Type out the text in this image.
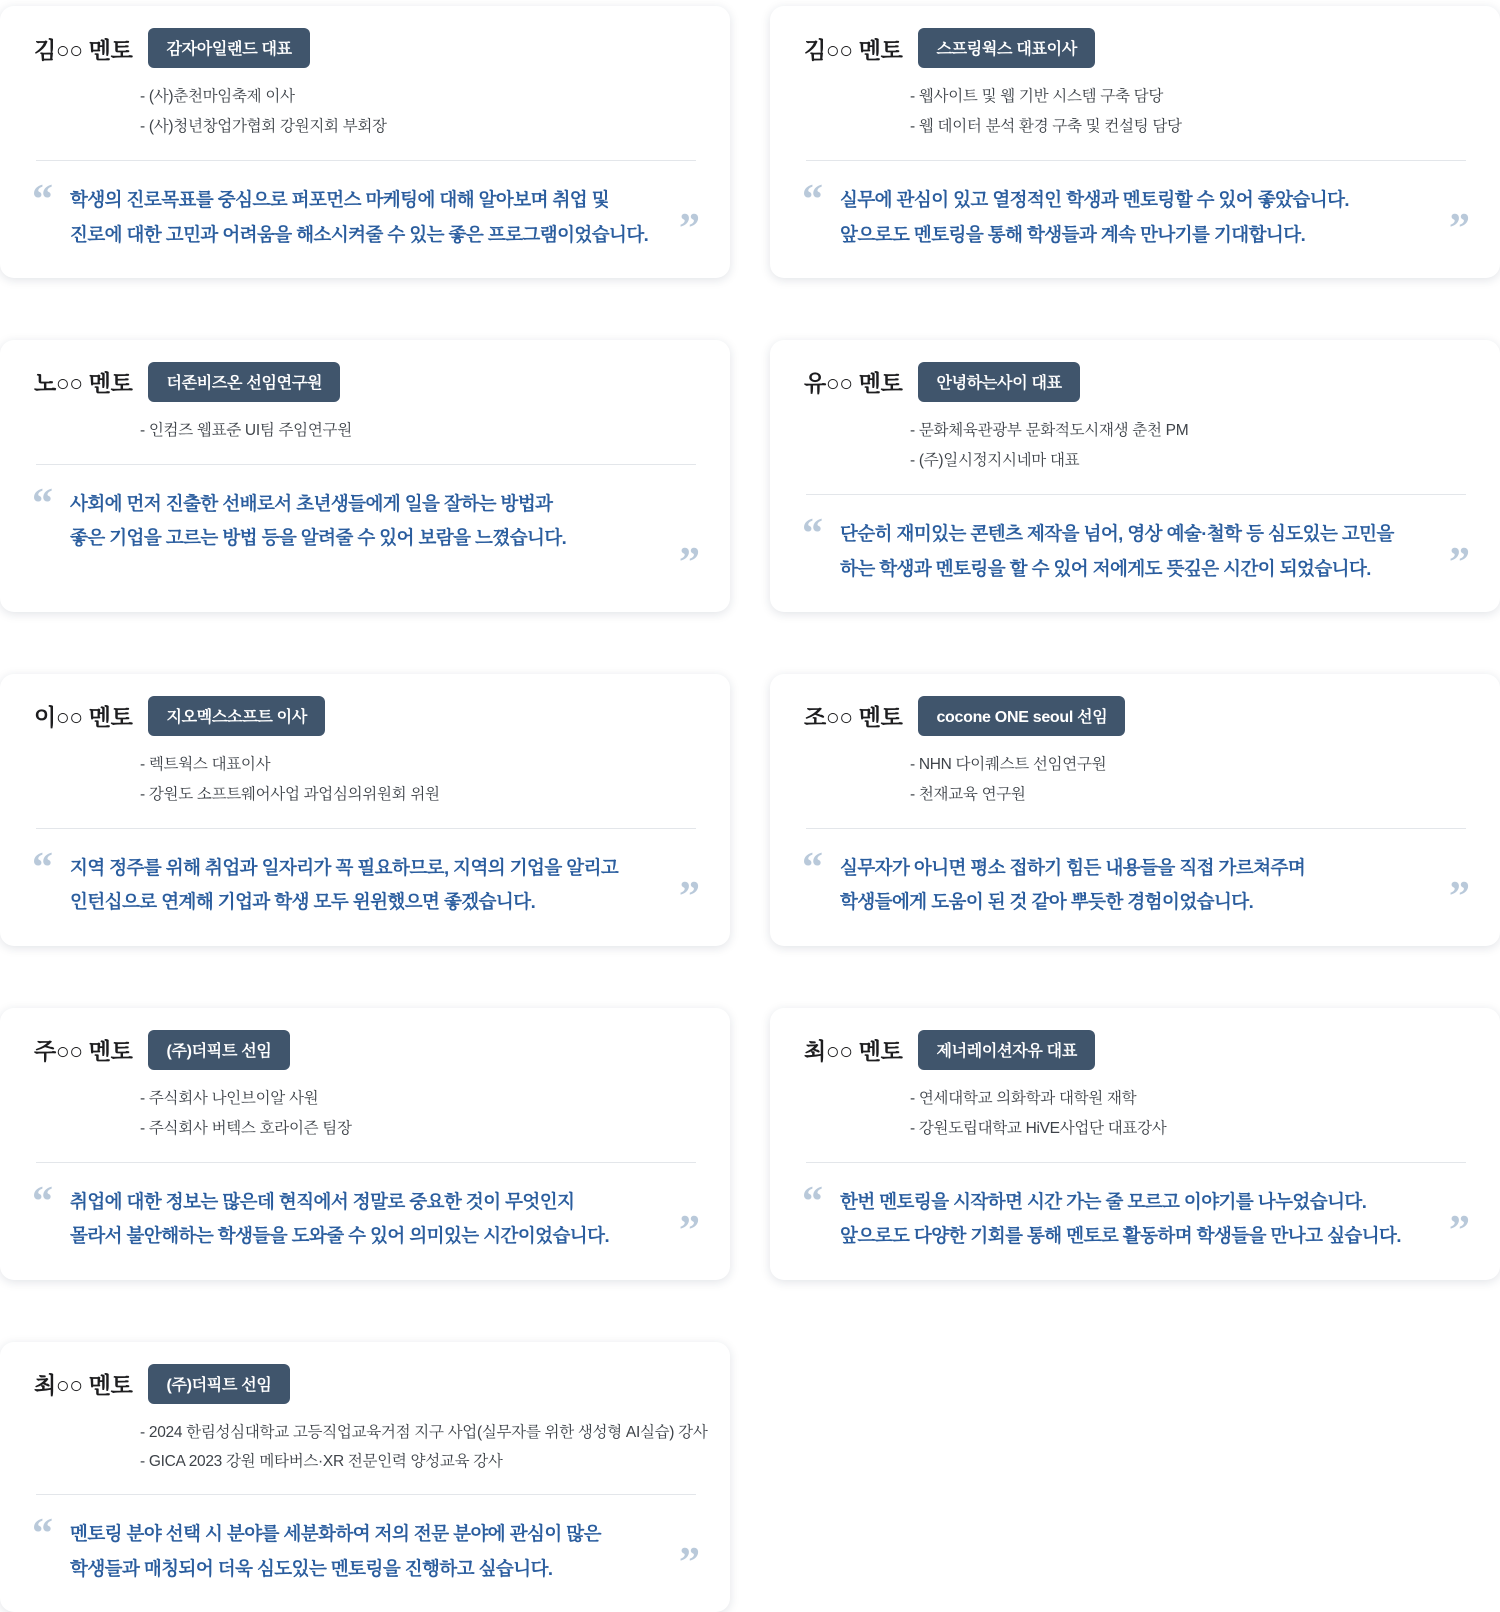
김○○ 멘토	감자아일랜드 대표
- (사)춘천마임축제 이사
- (사)청년창업가협회 강원지회 부회장
“ 학생의 진로목표를 중심으로 퍼포먼스 마케팅에 대해 알아보며 취업 및
진로에 대한 고민과 어려움을 해소시켜줄 수 있는 좋은 프로그램이었습니다. ”
김○○ 멘토	스프링웍스 대표이사
- 웹사이트 및 웹 기반 시스템 구축 담당
- 웹 데이터 분석 환경 구축 및 컨설팅 담당
“ 실무에 관심이 있고 열정적인 학생과 멘토링할 수 있어 좋았습니다.
앞으로도 멘토링을 통해 학생들과 계속 만나기를 기대합니다.	”
노○○ 멘토	더존비즈온 선임연구원
- 인컴즈 웹표준 UI팀 주임연구원
“ 사회에 먼저 진출한 선배로서 초년생들에게 일을 잘하는 방법과
좋은 기업을 고르는 방법 등을 알려줄 수 있어 보람을 느꼈습니다.
”
유○○ 멘토	안녕하는사이 대표
- 문화체육관광부 문화적도시재생 춘천 PM
- (주)일시정지시네마 대표
“ 단순히 재미있는 콘텐츠 제작을 넘어, 영상 예술·철학 등 심도있는 고민을
하는 학생과 멘토링을 할 수 있어 저에게도 뜻깊은 시간이 되었습니다.	”
이○○ 멘토	지오멕스소프트 이사
- 렉트웍스 대표이사
- 강원도 소프트웨어사업 과업심의위원회 위원
“ 지역 정주를 위해 취업과 일자리가 꼭 필요하므로, 지역의 기업을 알리고
인턴십으로 연계해 기업과 학생 모두 윈윈했으면 좋겠습니다.	”
조○○ 멘토	cocone ONE seoul 선임
- NHN 다이퀘스트 선임연구원
- 천재교육 연구원
“ 실무자가 아니면 평소 접하기 힘든 내용들을 직접 가르쳐주며
학생들에게 도움이 된 것 같아 뿌듯한 경험이었습니다.	”
주○○ 멘토	(주)더픽트 선임
- 주식회사 나인브이알 사원
- 주식회사 버텍스 호라이즌 팀장
“ 취업에 대한 정보는 많은데 현직에서 정말로 중요한 것이 무엇인지
몰라서 불안해하는 학생들을 도와줄 수 있어 의미있는 시간이었습니다.	”
최○○ 멘토	제너레이션자유 대표
- 연세대학교 의화학과 대학원 재학
- 강원도립대학교 HiVE사업단 대표강사
“ 한번 멘토링을 시작하면 시간 가는 줄 모르고 이야기를 나누었습니다.
앞으로도 다양한 기회를 통해 멘토로 활동하며 학생들을 만나고 싶습니다.	”
최○○ 멘토	(주)더픽트 선임
- 2024 한림성심대학교 고등직업교육거점 지구 사업(실무자를 위한 생성형 AI실습) 강사
- GICA 2023 강원 메타버스·XR 전문인력 양성교육 강사
“ 멘토링 분야 선택 시 분야를 세분화하여 저의 전문 분야에 관심이 많은
학생들과 매칭되어 더욱 심도있는 멘토링을 진행하고 싶습니다.	”
